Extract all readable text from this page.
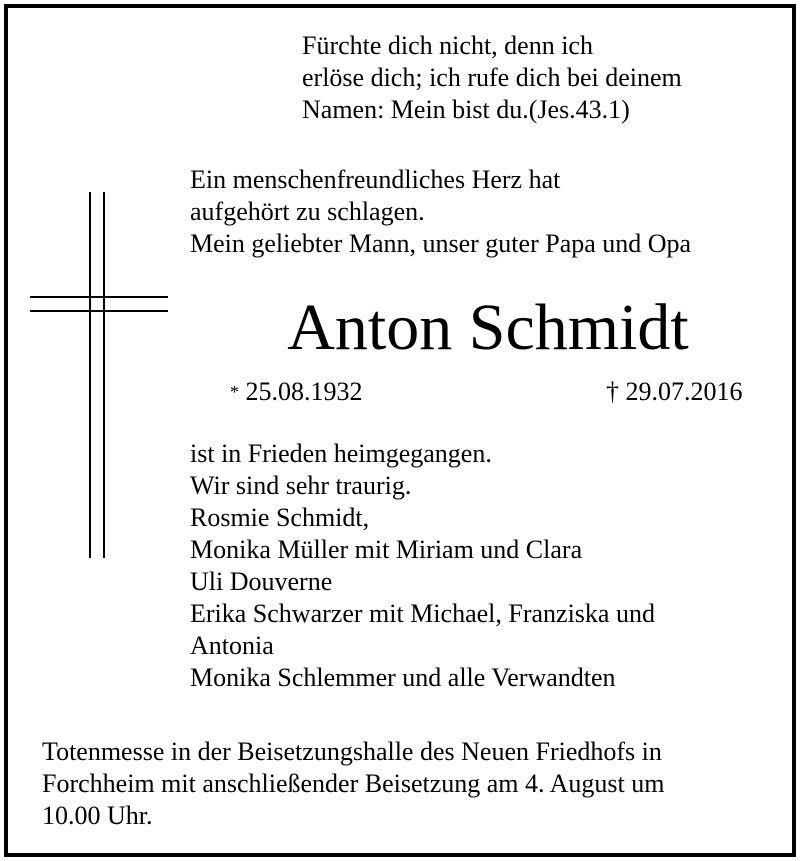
Fürchte dich nicht, denn ich
erlöse dich; ich rufe dich bei deinem
Namen: Mein bist du.(Jes.43.1)

Ein menschenfreundliches Herz hat
aufgehört zu schlagen.
Mein geliebter Mann, unser guter Papa und Opa

Anton Schmidt

* 25.08.1932	† 29.07.2016

ist in Frieden heimgegangen.
Wir sind sehr traurig.
Rosmie Schmidt,
Monika Müller mit Miriam und Clara
Uli Douverne
Erika Schwarzer mit Michael, Franziska und
Antonia
Monika Schlemmer und alle Verwandten

Totenmesse in der Beisetzungshalle des Neuen Friedhofs in
Forchheim mit anschließender Beisetzung am 4. August um
10.00 Uhr.
